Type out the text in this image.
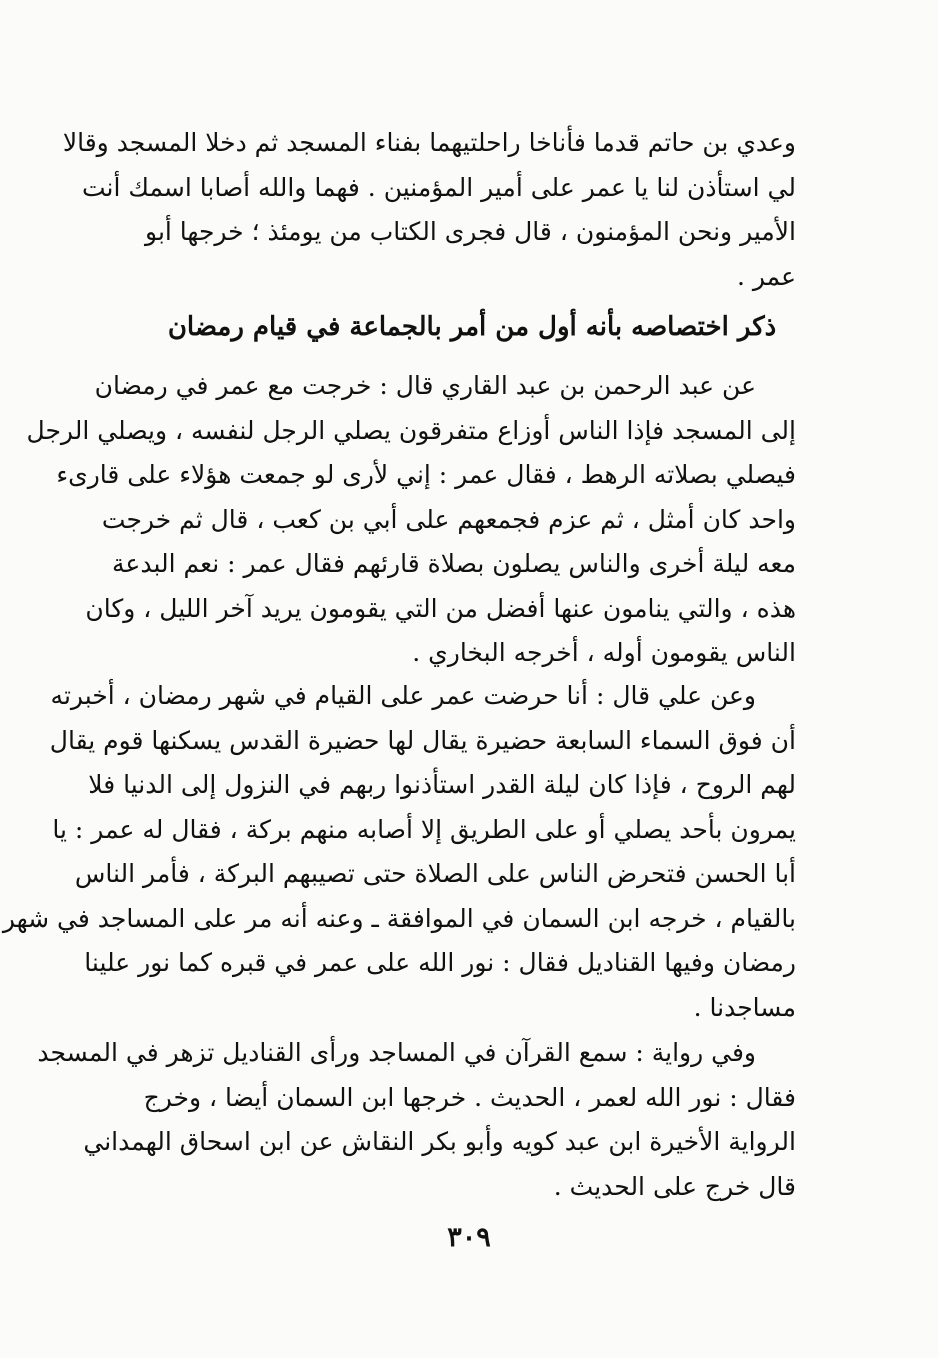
وعدي بن حاتم قدما فأناخا راحلتيهما بفناء المسجد ثم دخلا المسجد وقالا
لي استأذن لنا يا عمر على أمير المؤمنين . فهما والله أصابا اسمك أنت
الأمير ونحن المؤمنون ، قال فجرى الكتاب من يومئذ ؛ خرجها أبو
عمر .
ذكر اختصاصه بأنه أول من أمر بالجماعة في قيام رمضان
عن عبد الرحمن بن عبد القاري قال : خرجت مع عمر في رمضان
إلى المسجد فإذا الناس أوزاع متفرقون يصلي الرجل لنفسه ، ويصلي الرجل
فيصلي بصلاته الرهط ، فقال عمر : إني لأرى لو جمعت هؤلاء على قارىء
واحد كان أمثل ، ثم عزم فجمعهم على أبي بن كعب ، قال ثم خرجت
معه ليلة أخرى والناس يصلون بصلاة قارئهم فقال عمر : نعم البدعة
هذه ، والتي ينامون عنها أفضل من التي يقومون يريد آخر الليل ، وكان
الناس يقومون أوله ، أخرجه البخاري .
وعن علي قال : أنا حرضت عمر على القيام في شهر رمضان ، أخبرته
أن فوق السماء السابعة حضيرة يقال لها حضيرة القدس يسكنها قوم يقال
لهم الروح ، فإذا كان ليلة القدر استأذنوا ربهم في النزول إلى الدنيا فلا
يمرون بأحد يصلي أو على الطريق إلا أصابه منهم بركة ، فقال له عمر : يا
أبا الحسن فتحرض الناس على الصلاة حتى تصيبهم البركة ، فأمر الناس
بالقيام ، خرجه ابن السمان في الموافقة ـ وعنه أنه مر على المساجد في شهر
رمضان وفيها القناديل فقال : نور الله على عمر في قبره كما نور علينا
مساجدنا .
وفي رواية : سمع القرآن في المساجد ورأى القناديل تزهر في المسجد
فقال : نور الله لعمر ، الحديث . خرجها ابن السمان أيضا ، وخرج
الرواية الأخيرة ابن عبد كويه وأبو بكر النقاش عن ابن اسحاق الهمداني
قال خرج على الحديث .
٣٠٩
